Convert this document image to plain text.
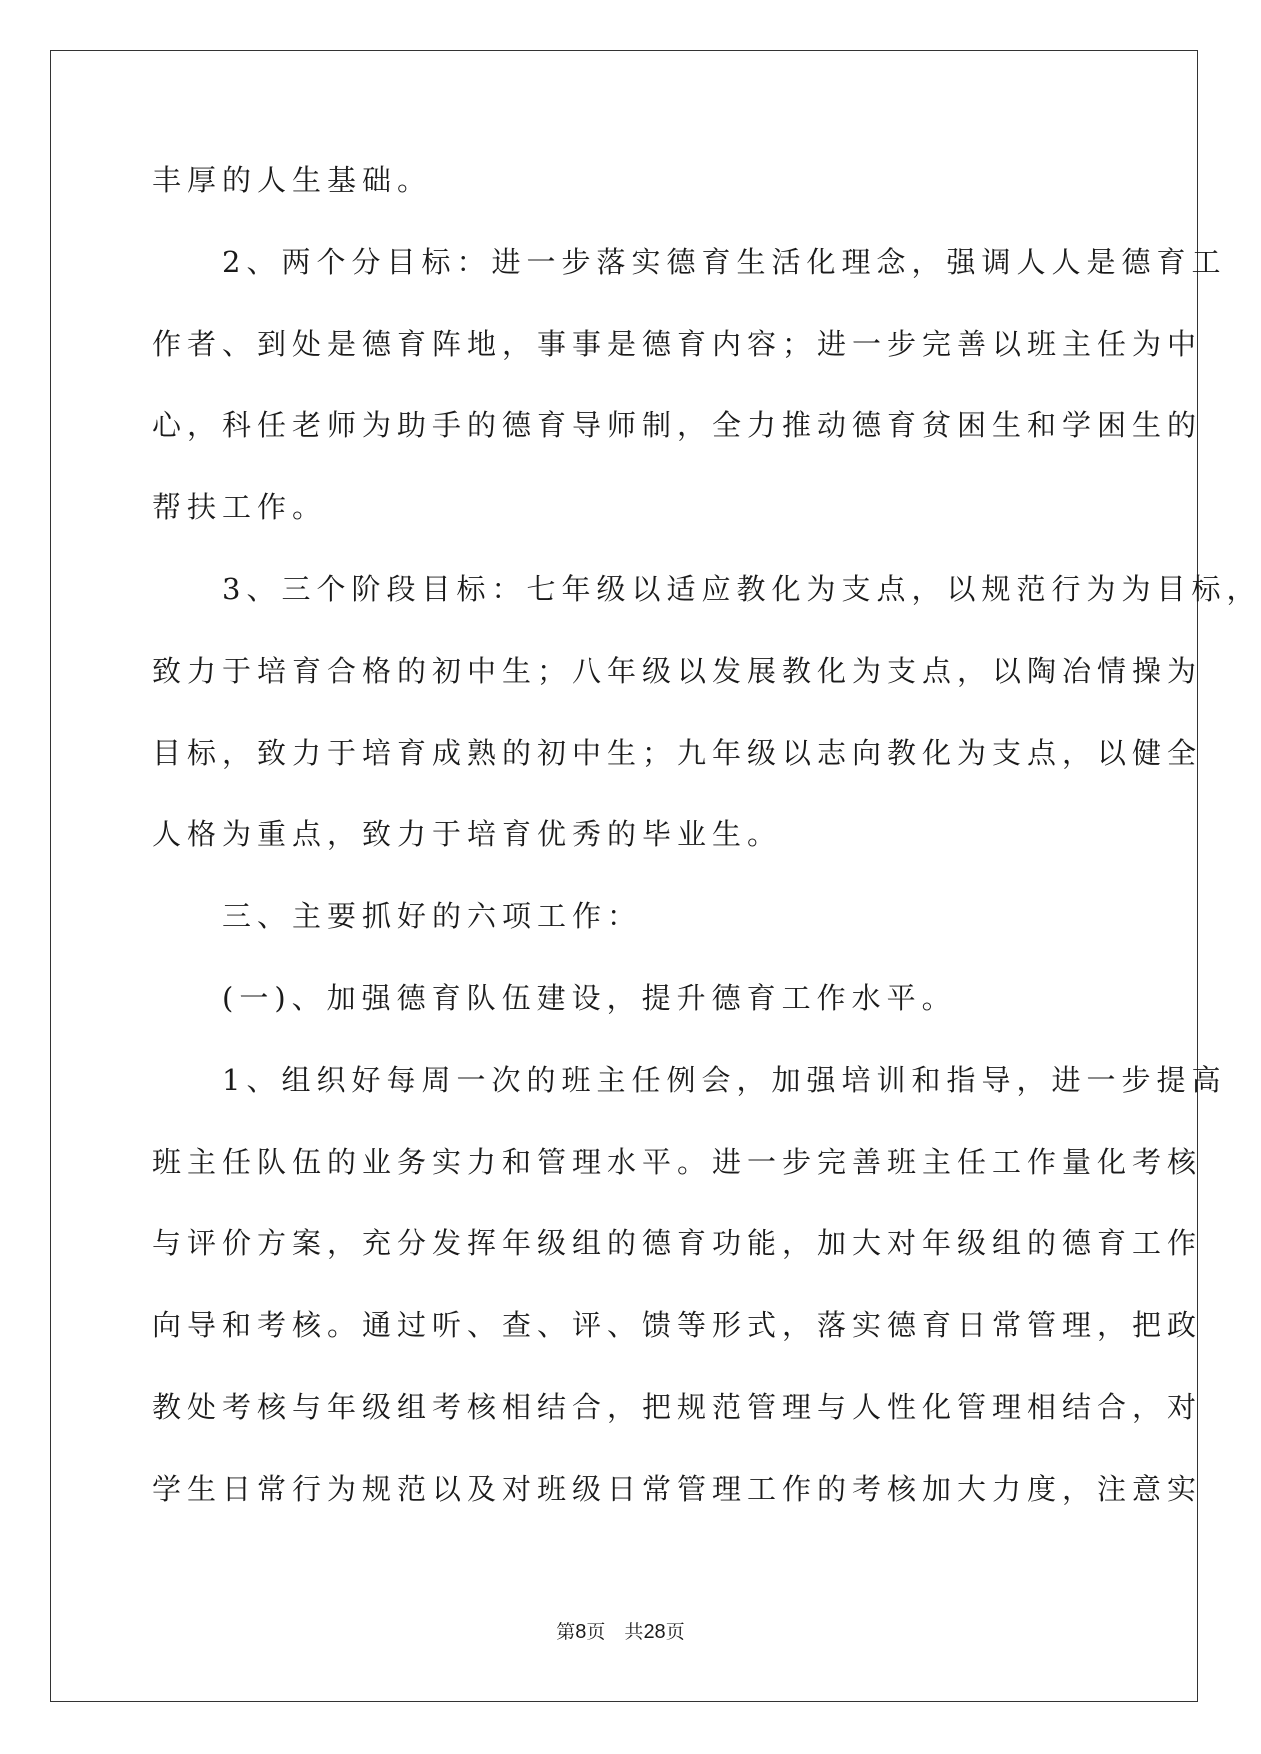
丰厚的人生基础。
　　2、两个分目标：进一步落实德育生活化理念，强调人人是德育工
作者、到处是德育阵地，事事是德育内容；进一步完善以班主任为中
心，科任老师为助手的德育导师制，全力推动德育贫困生和学困生的
帮扶工作。
　　3、三个阶段目标：七年级以适应教化为支点，以规范行为为目标，
致力于培育合格的初中生；八年级以发展教化为支点，以陶冶情操为
目标，致力于培育成熟的初中生；九年级以志向教化为支点，以健全
人格为重点，致力于培育优秀的毕业生。
　　三、主要抓好的六项工作：
　　(一)、加强德育队伍建设，提升德育工作水平。
　　1、组织好每周一次的班主任例会，加强培训和指导，进一步提高
班主任队伍的业务实力和管理水平。进一步完善班主任工作量化考核
与评价方案，充分发挥年级组的德育功能，加大对年级组的德育工作
向导和考核。通过听、查、评、馈等形式，落实德育日常管理，把政
教处考核与年级组考核相结合，把规范管理与人性化管理相结合，对
学生日常行为规范以及对班级日常管理工作的考核加大力度，注意实
第8页　共28页
